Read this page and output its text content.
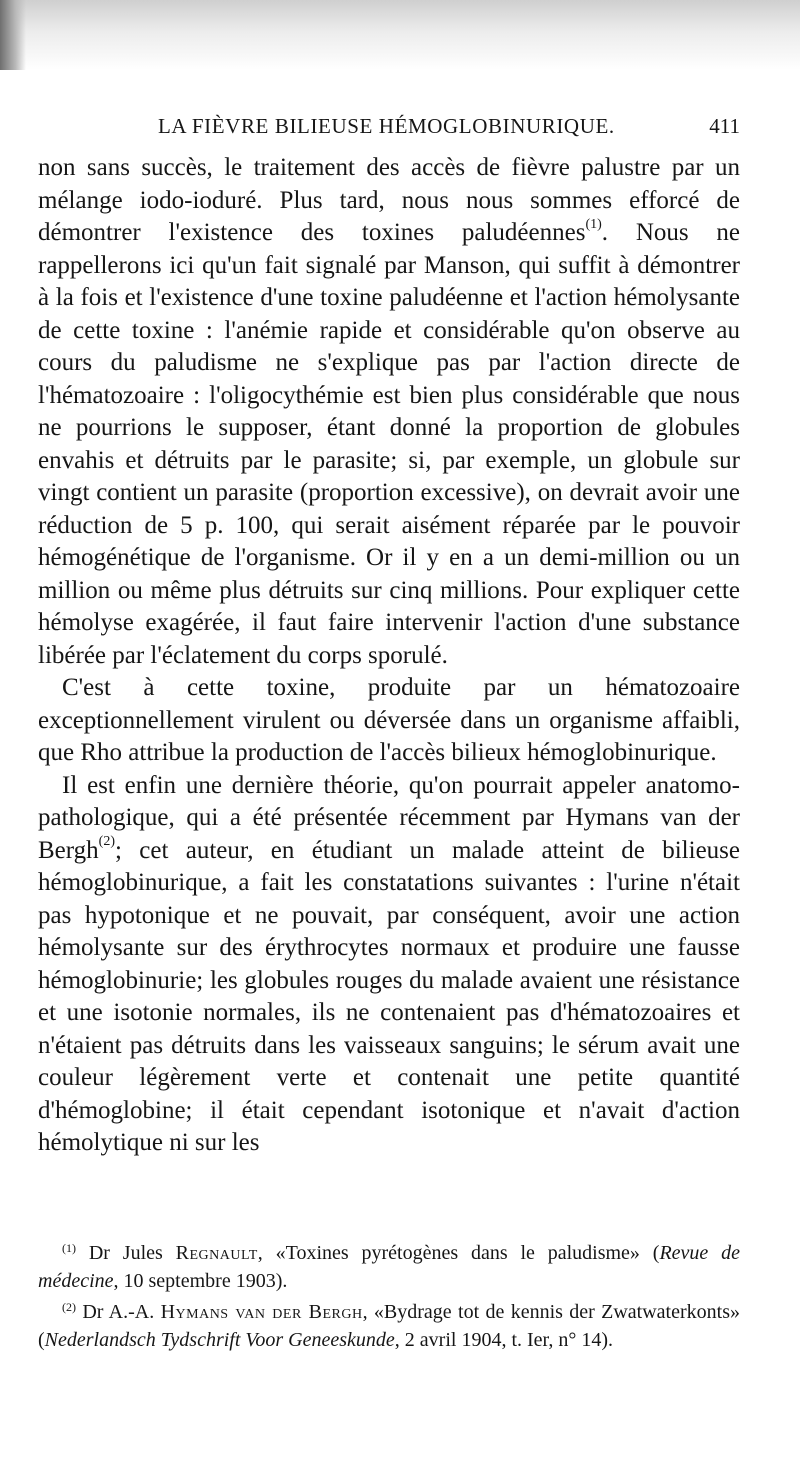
LA FIÈVRE BILIEUSE HÉMOGLOBINURIQUE.	411

non sans succès, le traitement des accès de fièvre palustre par un mélange iodo-ioduré. Plus tard, nous nous sommes efforcé de démontrer l'existence des toxines paludéennes$^{(1)}$. Nous ne rappellerons ici qu'un fait signalé par Manson, qui suffit à démontrer à la fois et l'existence d'une toxine paludéenne et l'action hémolysante de cette toxine : l'anémie rapide et considérable qu'on observe au cours du paludisme ne s'explique pas par l'action directe de l'hématozoaire : l'oligocythémie est bien plus considérable que nous ne pourrions le supposer, étant donné la proportion de globules envahis et détruits par le parasite; si, par exemple, un globule sur vingt contient un parasite (proportion excessive), on devrait avoir une réduction de 5 p. 100, qui serait aisément réparée par le pouvoir hémogénétique de l'organisme. Or il y en a un demi-million ou un million ou même plus détruits sur cinq millions. Pour expliquer cette hémolyse exagérée, il faut faire intervenir l'action d'une substance libérée par l'éclatement du corps sporulé.

C'est à cette toxine, produite par un hématozoaire exceptionnellement virulent ou déversée dans un organisme affaibli, que Rho attribue la production de l'accès bilieux hémoglobinurique.

Il est enfin une dernière théorie, qu'on pourrait appeler anatomo-pathologique, qui a été présentée récemment par Hymans van der Bergh$^{(2)}$; cet auteur, en étudiant un malade atteint de bilieuse hémoglobinurique, a fait les constatations suivantes : l'urine n'était pas hypotonique et ne pouvait, par conséquent, avoir une action hémolysante sur des érythrocytes normaux et produire une fausse hémoglobinurie; les globules rouges du malade avaient une résistance et une isotonie normales, ils ne contenaient pas d'hématozoaires et n'étaient pas détruits dans les vaisseaux sanguins; le sérum avait une couleur légèrement verte et contenait une petite quantité d'hémoglobine; il était cependant isotonique et n'avait d'action hémolytique ni sur les

$^{(1)}$ Dr Jules Regnault, «Toxines pyrétogènes dans le paludisme» (Revue de médecine, 10 septembre 1903).

$^{(2)}$ Dr A.-A. Hymans van der Bergh, «Bydrage tot de kennis der Zwatwaterkonts» (Nederlandsch Tydschrift Voor Geneeskunde, 2 avril 1904, t. Ier, n° 14).
